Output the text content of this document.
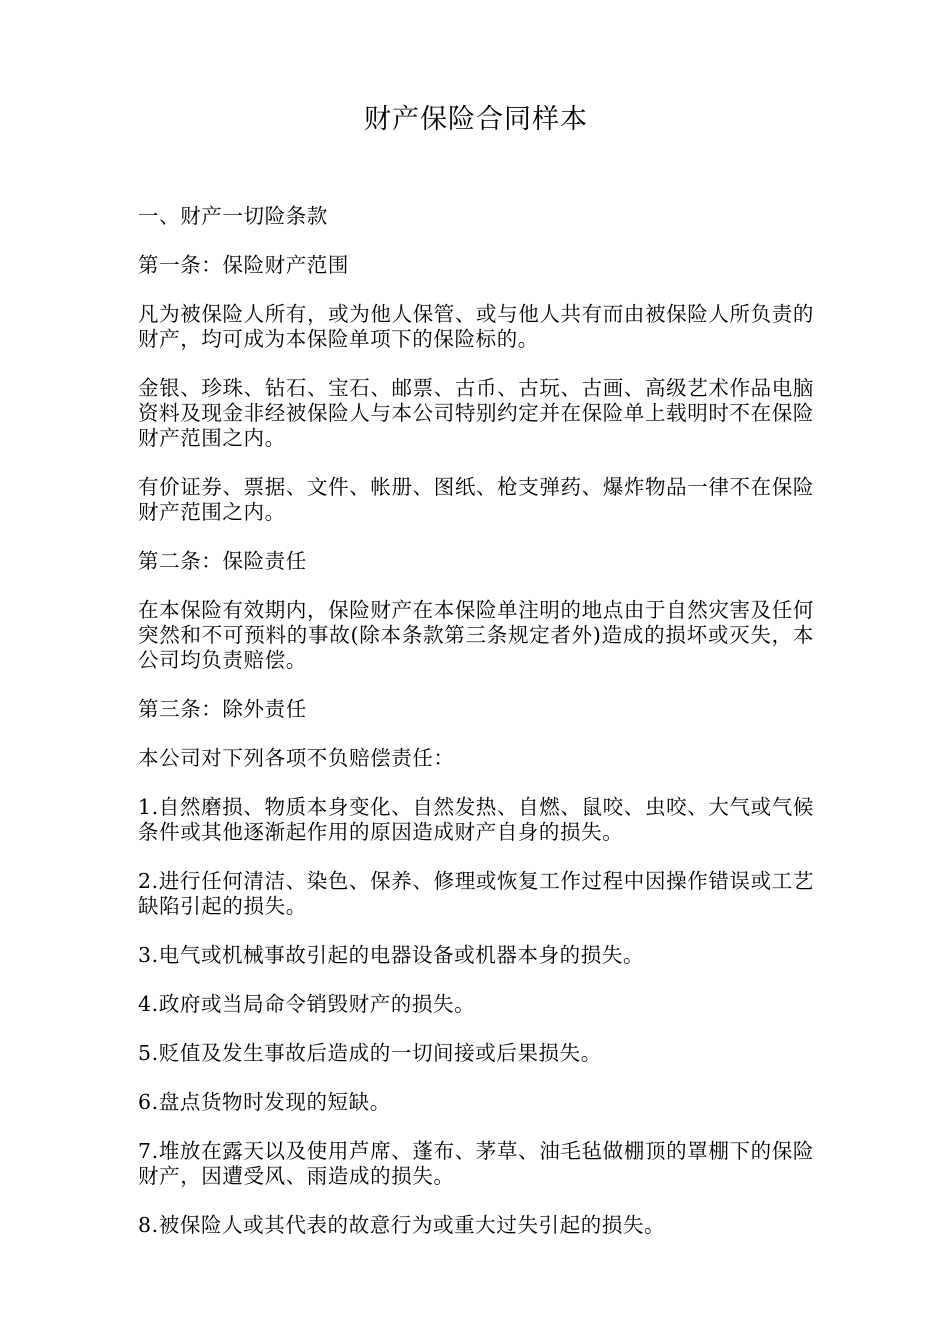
财产保险合同样本

一、财产一切险条款

第一条：保险财产范围

凡为被保险人所有，或为他人保管、或与他人共有而由被保险人所负责的财产，均可成为本保险单项下的保险标的。

金银、珍珠、钻石、宝石、邮票、古币、古玩、古画、高级艺术作品电脑资料及现金非经被保险人与本公司特别约定并在保险单上载明时不在保险财产范围之内。

有价证券、票据、文件、帐册、图纸、枪支弹药、爆炸物品一律不在保险财产范围之内。

第二条：保险责任

在本保险有效期内，保险财产在本保险单注明的地点由于自然灾害及任何突然和不可预料的事故(除本条款第三条规定者外)造成的损坏或灭失，本公司均负责赔偿。

第三条：除外责任

本公司对下列各项不负赔偿责任：

1.自然磨损、物质本身变化、自然发热、自燃、鼠咬、虫咬、大气或气候条件或其他逐渐起作用的原因造成财产自身的损失。
2.进行任何清洁、染色、保养、修理或恢复工作过程中因操作错误或工艺缺陷引起的损失。
3.电气或机械事故引起的电器设备或机器本身的损失。
4.政府或当局命令销毁财产的损失。
5.贬值及发生事故后造成的一切间接或后果损失。
6.盘点货物时发现的短缺。
7.堆放在露天以及使用芦席、蓬布、茅草、油毛毡做棚顶的罩棚下的保险财产，因遭受风、雨造成的损失。
8.被保险人或其代表的故意行为或重大过失引起的损失。
